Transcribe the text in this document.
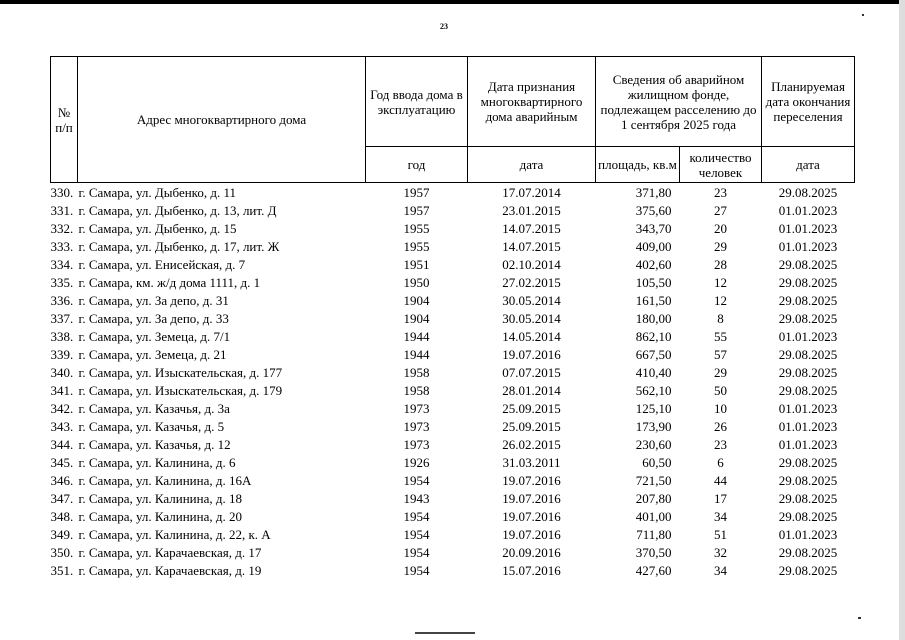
23
№ п/п	Адрес многоквартирного дома	Год ввода дома в эксплуатацию	Дата признания многоквартирного дома аварийным	Сведения об аварийном жилищном фонде, подлежащем расселению до 1 сентября 2025 года		Планируемая дата окончания переселения
		год	дата	площадь, кв.м	количество человек	дата
330.	г. Самара, ул. Дыбенко, д. 11	1957	17.07.2014	371,80	23	29.08.2025
331.	г. Самара, ул. Дыбенко, д. 13, лит. Д	1957	23.01.2015	375,60	27	01.01.2023
332.	г. Самара, ул. Дыбенко, д. 15	1955	14.07.2015	343,70	20	01.01.2023
333.	г. Самара, ул. Дыбенко, д. 17, лит. Ж	1955	14.07.2015	409,00	29	01.01.2023
334.	г. Самара, ул. Енисейская, д. 7	1951	02.10.2014	402,60	28	29.08.2025
335.	г. Самара, км. ж/д дома 1111, д. 1	1950	27.02.2015	105,50	12	29.08.2025
336.	г. Самара, ул. За депо, д. 31	1904	30.05.2014	161,50	12	29.08.2025
337.	г. Самара, ул. За депо, д. 33	1904	30.05.2014	180,00	8	29.08.2025
338.	г. Самара, ул. Земеца, д. 7/1	1944	14.05.2014	862,10	55	01.01.2023
339.	г. Самара, ул. Земеца, д. 21	1944	19.07.2016	667,50	57	29.08.2025
340.	г. Самара, ул. Изыскательская, д. 177	1958	07.07.2015	410,40	29	29.08.2025
341.	г. Самара, ул. Изыскательская, д. 179	1958	28.01.2014	562,10	50	29.08.2025
342.	г. Самара, ул. Казачья, д. 3а	1973	25.09.2015	125,10	10	01.01.2023
343.	г. Самара, ул. Казачья, д. 5	1973	25.09.2015	173,90	26	01.01.2023
344.	г. Самара, ул. Казачья, д. 12	1973	26.02.2015	230,60	23	01.01.2023
345.	г. Самара, ул. Калинина, д. 6	1926	31.03.2011	60,50	6	29.08.2025
346.	г. Самара, ул. Калинина, д. 16А	1954	19.07.2016	721,50	44	29.08.2025
347.	г. Самара, ул. Калинина, д. 18	1943	19.07.2016	207,80	17	29.08.2025
348.	г. Самара, ул. Калинина, д. 20	1954	19.07.2016	401,00	34	29.08.2025
349.	г. Самара, ул. Калинина, д. 22, к. А	1954	19.07.2016	711,80	51	01.01.2023
350.	г. Самара, ул. Карачаевская, д. 17	1954	20.09.2016	370,50	32	29.08.2025
351.	г. Самара, ул. Карачаевская, д. 19	1954	15.07.2016	427,60	34	29.08.2025
